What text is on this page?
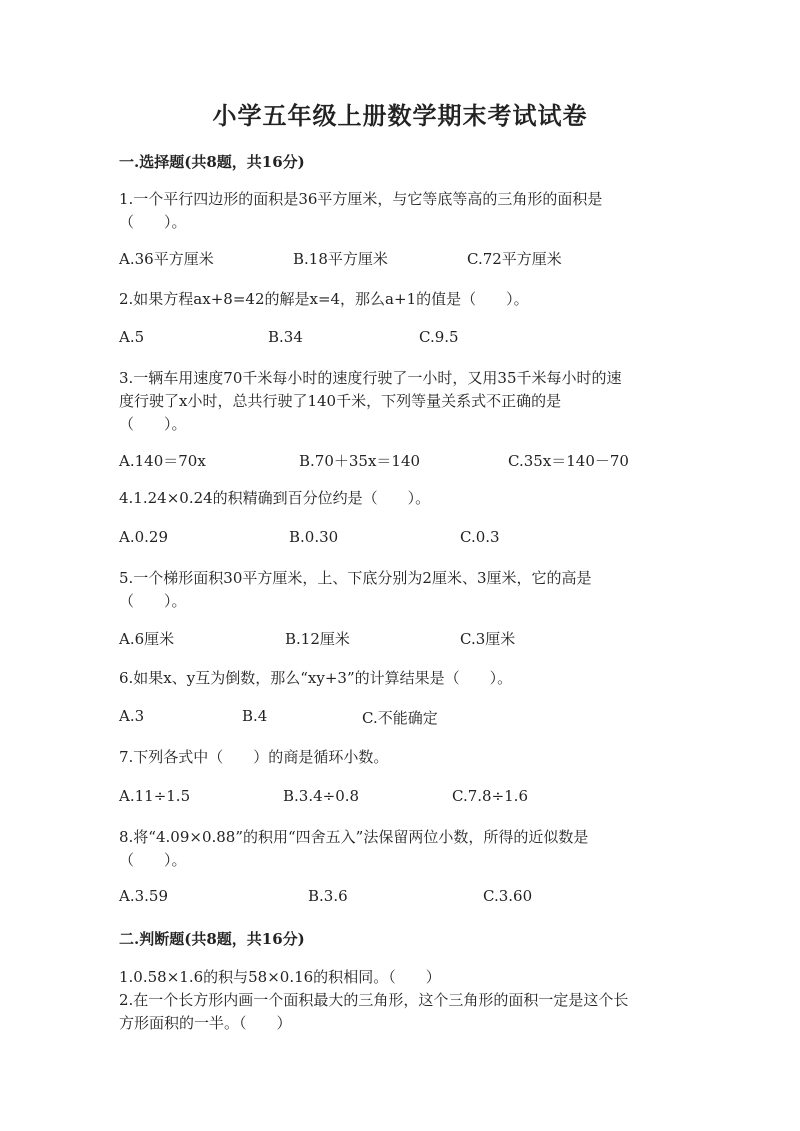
小学五年级上册数学期末考试试卷

一.选择题(共8题，共16分)

1.一个平行四边形的面积是36平方厘米，与它等底等高的三角形的面积是
（　　）。

A.36平方厘米	B.18平方厘米	C.72平方厘米

2.如果方程ax+8=42的解是x=4，那么a+1的值是（　　）。

A.5	B.34	C.9.5

3.一辆车用速度70千米每小时的速度行驶了一小时，又用35千米每小时的速
度行驶了x小时，总共行驶了140千米，下列等量关系式不正确的是
（　　）。

A.140＝70x	B.70＋35x＝140	C.35x＝140－70

4.1.24×0.24的积精确到百分位约是（　　）。

A.0.29	B.0.30	C.0.3

5.一个梯形面积30平方厘米，上、下底分别为2厘米、3厘米，它的高是
（　　）。

A.6厘米	B.12厘米	C.3厘米

6.如果x、y互为倒数，那么“xy+3”的计算结果是（　　）。

A.3	B.4	C.不能确定

7.下列各式中（　　）的商是循环小数。

A.11÷1.5	B.3.4÷0.8	C.7.8÷1.6

8.将“4.09×0.88”的积用“四舍五入”法保留两位小数，所得的近似数是
（　　）。

A.3.59	B.3.6	C.3.60

二.判断题(共8题，共16分)

1.0.58×1.6的积与58×0.16的积相同。（　　）

2.在一个长方形内画一个面积最大的三角形，这个三角形的面积一定是这个长
方形面积的一半。（　　）
